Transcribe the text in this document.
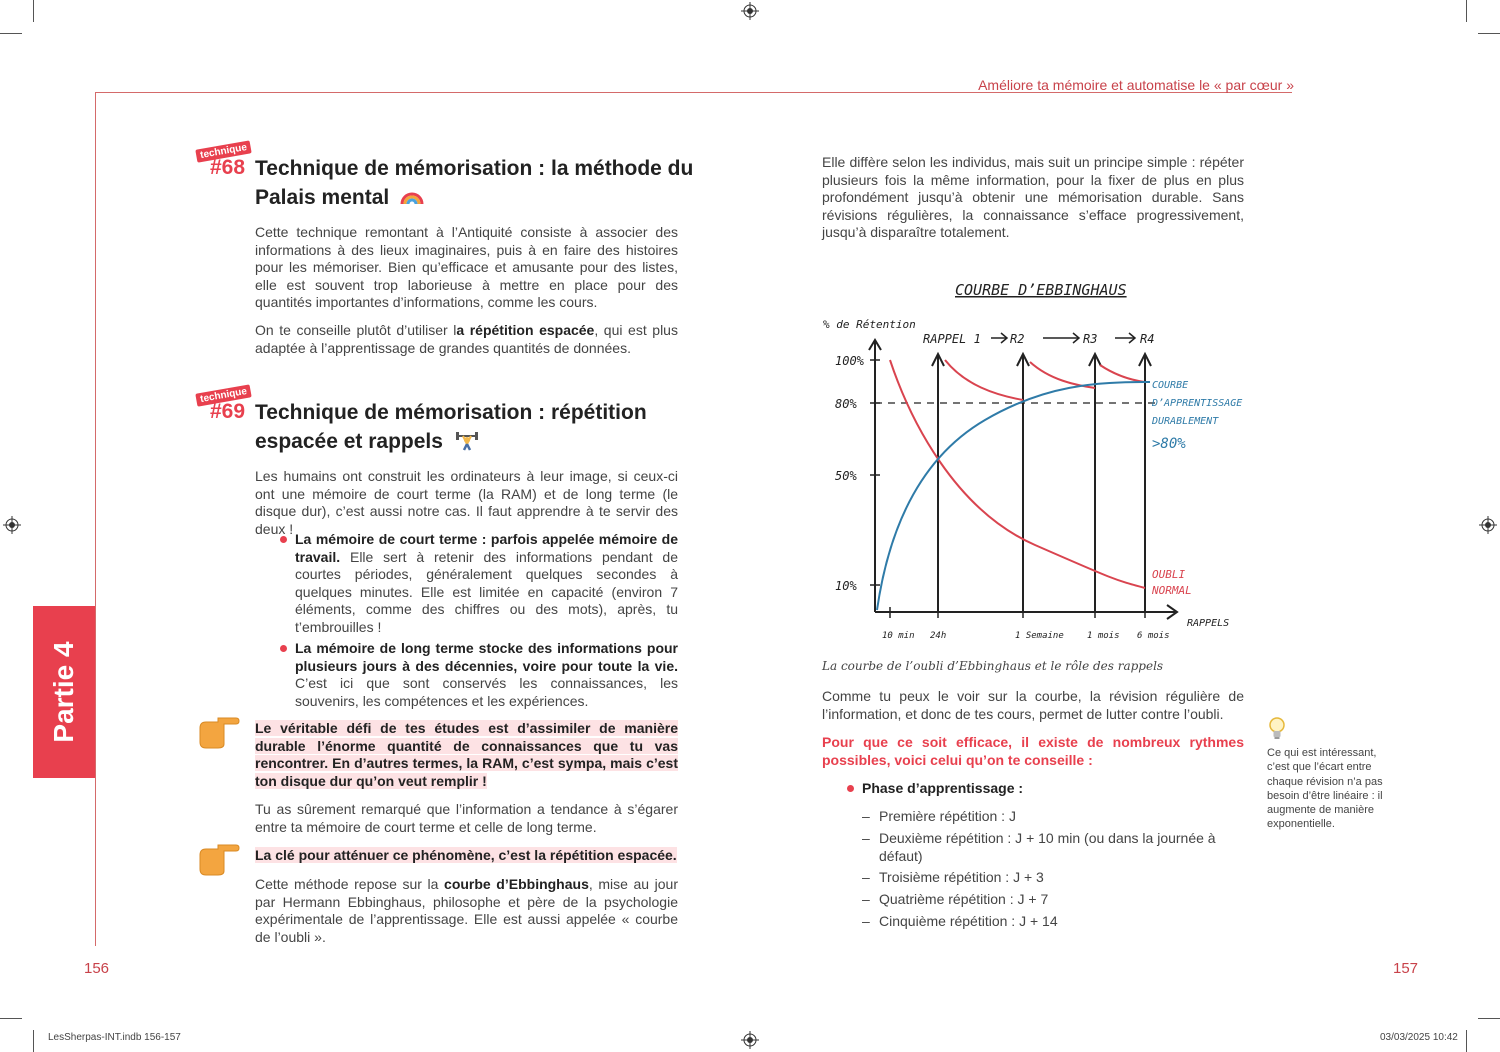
Améliore ta mémoire et automatise le « par cœur »
Partie 4
technique
#68 Technique de mémorisation : la méthode du
Palais mental
Cette technique remontant à l’Antiquité consiste à associer des informations à des lieux imaginaires, puis à en faire des histoires pour les mémoriser. Bien qu’efficace et amusante pour des listes, elle est souvent trop laborieuse à mettre en place pour des quantités importantes d’informations, comme les cours.
On te conseille plutôt d’utiliser la répétition espacée, qui est plus adaptée à l’apprentissage de grandes quantités de données.
technique
#69 Technique de mémorisation : répétition
espacée et rappels
Les humains ont construit les ordinateurs à leur image, si ceux-ci ont une mémoire de court terme (la RAM) et de long terme (le disque dur), c’est aussi notre cas. Il faut apprendre à te servir des deux !
La mémoire de court terme : parfois appelée mémoire de travail. Elle sert à retenir des informations pendant de courtes périodes, généralement quelques secondes à quelques minutes. Elle est limitée en capacité (environ 7 éléments, comme des chiffres ou des mots), après, tu t’embrouilles !
La mémoire de long terme stocke des informations pour plusieurs jours à des décennies, voire pour toute la vie. C’est ici que sont conservés les connaissances, les souvenirs, les compétences et les expériences.
Le véritable défi de tes études est d’assimiler de manière durable l’énorme quantité de connaissances que tu vas rencontrer. En d’autres termes, la RAM, c’est sympa, mais c’est ton disque dur qu’on veut remplir !
Tu as sûrement remarqué que l’information a tendance à s’égarer entre ta mémoire de court terme et celle de long terme.
La clé pour atténuer ce phénomène, c’est la répétition espacée.
Cette méthode repose sur la courbe d’Ebbinghaus, mise au jour par Hermann Ebbinghaus, philosophe et père de la psychologie expérimentale de l’apprentissage. Elle est aussi appelée « courbe de l’oubli ».
Elle diffère selon les individus, mais suit un principe simple : répéter plusieurs fois la même information, pour la fixer de plus en plus profondément jusqu’à obtenir une mémorisation durable. Sans révisions régulières, la connaissance s’efface progressivement, jusqu’à disparaître totalement.
COURBE D’EBBINGHAUS
% de Rétention
RAPPELS
100%
80%
50%
10%
10 min 24h	1 Semaine	1 mois 6 mois
RAPPEL 1 R2	R3	R4
COURBE
D’APPRENTISSAGE
DURABLEMENT
>80%
OUBLI
NORMAL
La courbe de l’oubli d’Ebbinghaus et le rôle des rappels
Comme tu peux le voir sur la courbe, la révision régulière de l’information, et donc de tes cours, permet de lutter contre l’oubli.
Pour que ce soit efficace, il existe de nombreux rythmes possibles, voici celui qu’on te conseille :
Phase d’apprentissage :
– Première répétition : J
– Deuxième répétition : J + 10 min (ou dans la journée à défaut)
– Troisième répétition : J + 3
– Quatrième répétition : J + 7
– Cinquième répétition : J + 14
Ce qui est intéressant, c’est que l’écart entre chaque révision n’a pas besoin d’être linéaire : il augmente de manière exponentielle.
156	157
LesSherpas-INT.indb 156-157	03/03/2025 10:42
